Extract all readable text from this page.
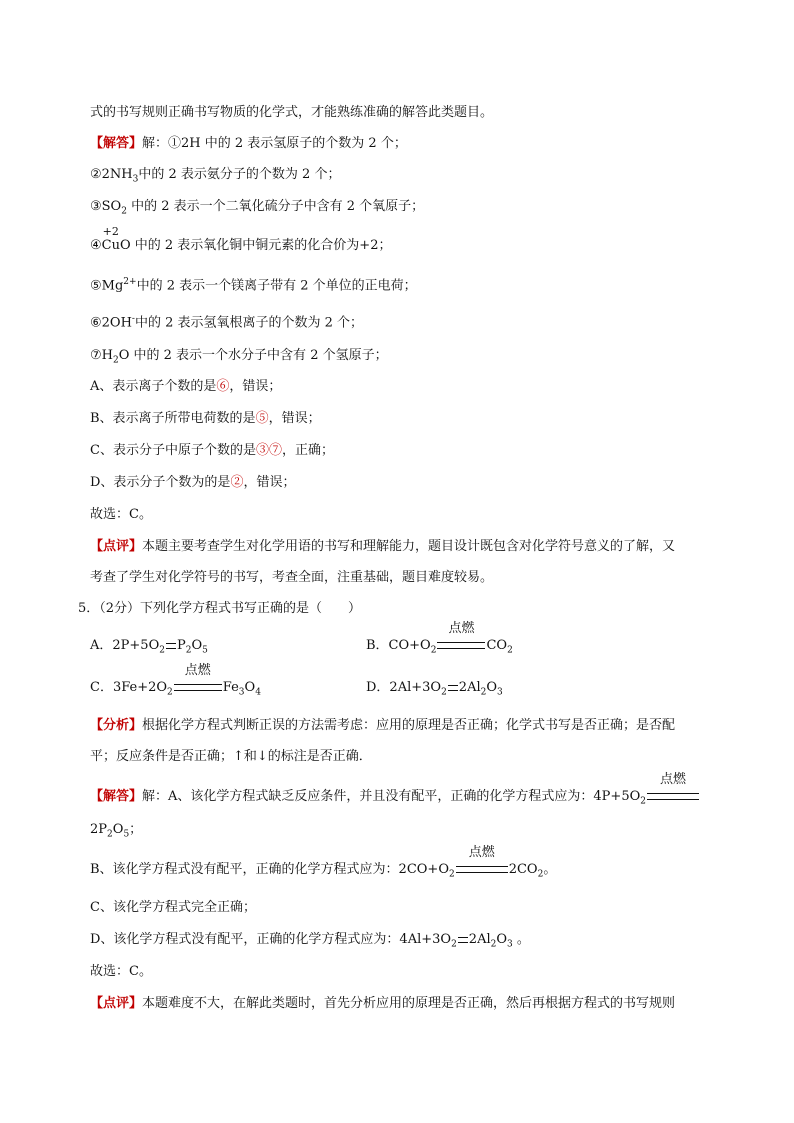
式的书写规则正确书写物质的化学式，才能熟练准确的解答此类题目。
【解答】解：①2H 中的 2 表示氢原子的个数为 2 个；
$②2NH_3$中的 2 表示氨分子的个数为 2 个；
$③SO_2$ 中的 2 表示一个二氧化硫分子中含有 2 个氧原子；
④
+2
CuO 中的 2 表示氧化铜中铜元素的化合价为+2；
$⑤Mg^{2+}$中的 2 表示一个镁离子带有 2 个单位的正电荷；
⑥2OH-中的 2 表示氢氧根离子的个数为 2 个；
$⑦H_2O$ 中的 2 表示一个水分子中含有 2 个氢原子；
A、表示离子个数的是⑥，错误；
B、表示离子所带电荷数的是⑤，错误；
C、表示分子中原子个数的是③⑦，正确；
D、表示分子个数为的是②，错误；
故选：C。
【点评】本题主要考查学生对化学用语的书写和理解能力，题目设计既包含对化学符号意义的了解，又
考查了学生对化学符号的书写，考查全面，注重基础，题目难度较易。
5．（2分）下列化学方程式书写正确的是（　　）
A．$2P+5O_2$ $P_2O_5$	B．$CO+O_2$
点燃
$CO_2$
C．$3Fe+2O_2$
点燃
$Fe_3O_4$	D．$2Al+3O_2$ $2Al_2O_3$
【分析】根据化学方程式判断正误的方法需考虑：应用的原理是否正确；化学式书写是否正确；是否配
平；反应条件是否正确；↑和↓的标注是否正确．
【解答】解：A、该化学方程式缺乏反应条件，并且没有配平，正确的化学方程式应为：$4P+5O_2$
点燃
$2P_2O_5$；
B、该化学方程式没有配平，正确的化学方程式应为：$2CO+O_2$
点燃
$2CO_2$。
C、该化学方程式完全正确；
D、该化学方程式没有配平，正确的化学方程式应为：$4Al+3O_2$ $2Al_2O_3$ 。
故选：C。
【点评】本题难度不大，在解此类题时，首先分析应用的原理是否正确，然后再根据方程式的书写规则
